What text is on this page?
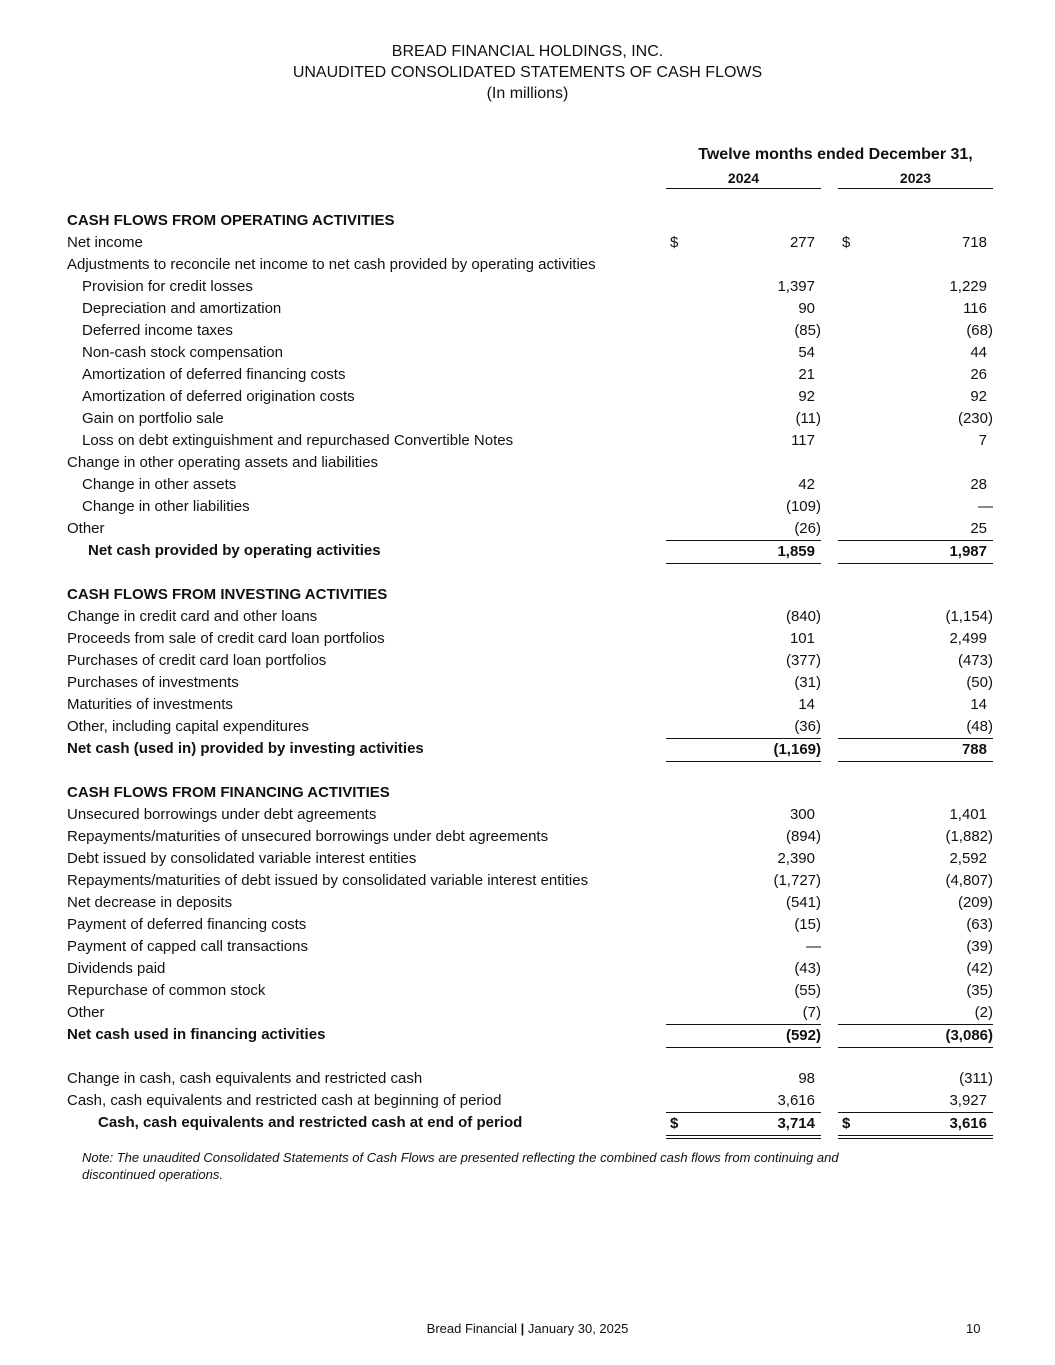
BREAD FINANCIAL HOLDINGS, INC.
UNAUDITED CONSOLIDATED STATEMENTS OF CASH FLOWS
(In millions)
Twelve months ended December 31,
2024	2023
CASH FLOWS FROM OPERATING ACTIVITIES
Net income	$	277 $	718
Adjustments to reconcile net income to net cash provided by operating activities
Provision for credit losses	1,397	1,229
Depreciation and amortization	90	116
Deferred income taxes	(85)	(68)
Non-cash stock compensation	54	44
Amortization of deferred financing costs	21	26
Amortization of deferred origination costs	92	92
Gain on portfolio sale	(11)	(230)
Loss on debt extinguishment and repurchased Convertible Notes	117	7
Change in other operating assets and liabilities
Change in other assets	42	28
Change in other liabilities	(109)	—
Other	(26)	25
Net cash provided by operating activities	1,859	1,987
CASH FLOWS FROM INVESTING ACTIVITIES
Change in credit card and other loans	(840)	(1,154)
Proceeds from sale of credit card loan portfolios	101	2,499
Purchases of credit card loan portfolios	(377)	(473)
Purchases of investments	(31)	(50)
Maturities of investments	14	14
Other, including capital expenditures	(36)	(48)
Net cash (used in) provided by investing activities	(1,169)	788
CASH FLOWS FROM FINANCING ACTIVITIES
Unsecured borrowings under debt agreements	300	1,401
Repayments/maturities of unsecured borrowings under debt agreements	(894)	(1,882)
Debt issued by consolidated variable interest entities	2,390	2,592
Repayments/maturities of debt issued by consolidated variable interest entities	(1,727)	(4,807)
Net decrease in deposits	(541)	(209)
Payment of deferred financing costs	(15)	(63)
Payment of capped call transactions	—	(39)
Dividends paid	(43)	(42)
Repurchase of common stock	(55)	(35)
Other	(7)	(2)
Net cash used in financing activities	(592)	(3,086)
Change in cash, cash equivalents and restricted cash	98	(311)
Cash, cash equivalents and restricted cash at beginning of period	3,616	3,927
Cash, cash equivalents and restricted cash at end of period	$	3,714 $	3,616
Note: The unaudited Consolidated Statements of Cash Flows are presented reflecting the combined cash flows from continuing and discontinued operations.
Bread Financial | January 30, 2025	10
